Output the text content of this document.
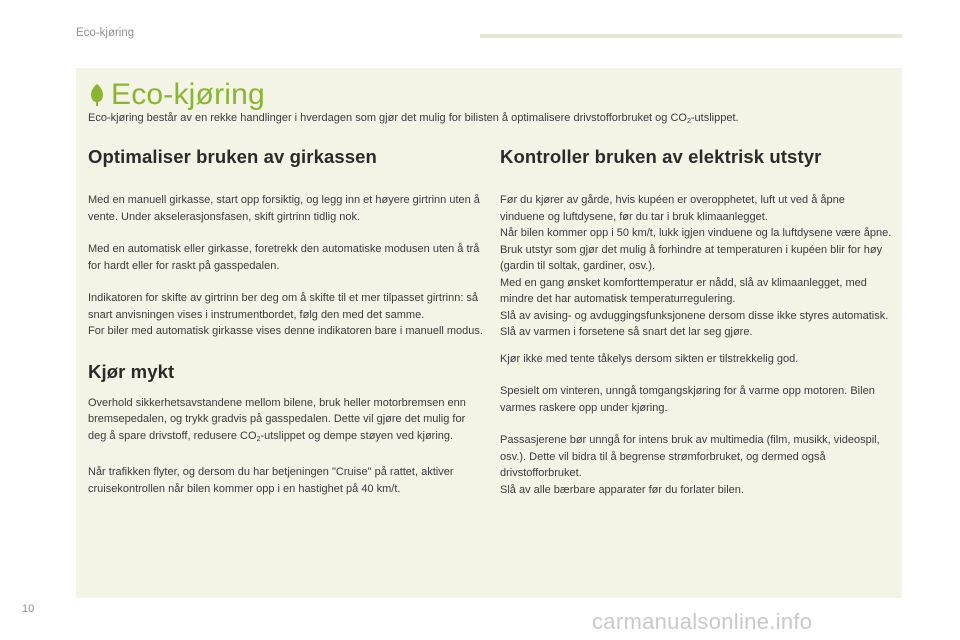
Eco-kjøring
Eco-kjøring
Eco-kjøring består av en rekke handlinger i hverdagen som gjør det mulig for bilisten å optimalisere drivstofforbruket og $CO_2$-utslippet.
Optimaliser bruken av girkassen

Med en manuell girkasse, start opp forsiktig, og legg inn et høyere girtrinn uten å vente. Under akselerasjonsfasen, skift girtrinn tidlig nok.

Med en automatisk eller girkasse, foretrekk den automatiske modusen uten å trå for hardt eller for raskt på gasspedalen.

Indikatoren for skifte av girtrinn ber deg om å skifte til et mer tilpasset girtrinn: så snart anvisningen vises i instrumentbordet, følg den med det samme.

For biler med automatisk girkasse vises denne indikatoren bare i manuell modus.

Kjør mykt

Overhold sikkerhetsavstandene mellom bilene, bruk heller motorbremsen enn bremsepedalen, og trykk gradvis på gasspedalen. Dette vil gjøre det mulig for deg å spare drivstoff, redusere $CO_2$-utslippet og dempe støyen ved kjøring.

Når trafikken flyter, og dersom du har betjeningen "Cruise" på rattet, aktiver cruisekontrollen når bilen kommer opp i en hastighet på 40 km/t.

Kontroller bruken av elektrisk utstyr

Før du kjører av gårde, hvis kupéen er overopphetet, luft ut ved å åpne vinduene og luftdysene, før du tar i bruk klimaanlegget.

Når bilen kommer opp i 50 km/t, lukk igjen vinduene og la luftdysene være åpne.

Bruk utstyr som gjør det mulig å forhindre at temperaturen i kupéen blir for høy (gardin til soltak, gardiner, osv.).

Med en gang ønsket komforttemperatur er nådd, slå av klimaanlegget, med mindre det har automatisk temperaturregulering.

Slå av avising- og avduggingsfunksjonene dersom disse ikke styres automatisk.

Slå av varmen i forsetene så snart det lar seg gjøre.

Kjør ikke med tente tåkelys dersom sikten er tilstrekkelig god.

Spesielt om vinteren, unngå tomgangskjøring for å varme opp motoren. Bilen varmes raskere opp under kjøring.

Passasjerene bør unngå for intens bruk av multimedia (film, musikk, videospil, osv.). Dette vil bidra til å begrense strømforbruket, og dermed også drivstofforbruket.

Slå av alle bærbare apparater før du forlater bilen.

10	carmanualsonline.info
